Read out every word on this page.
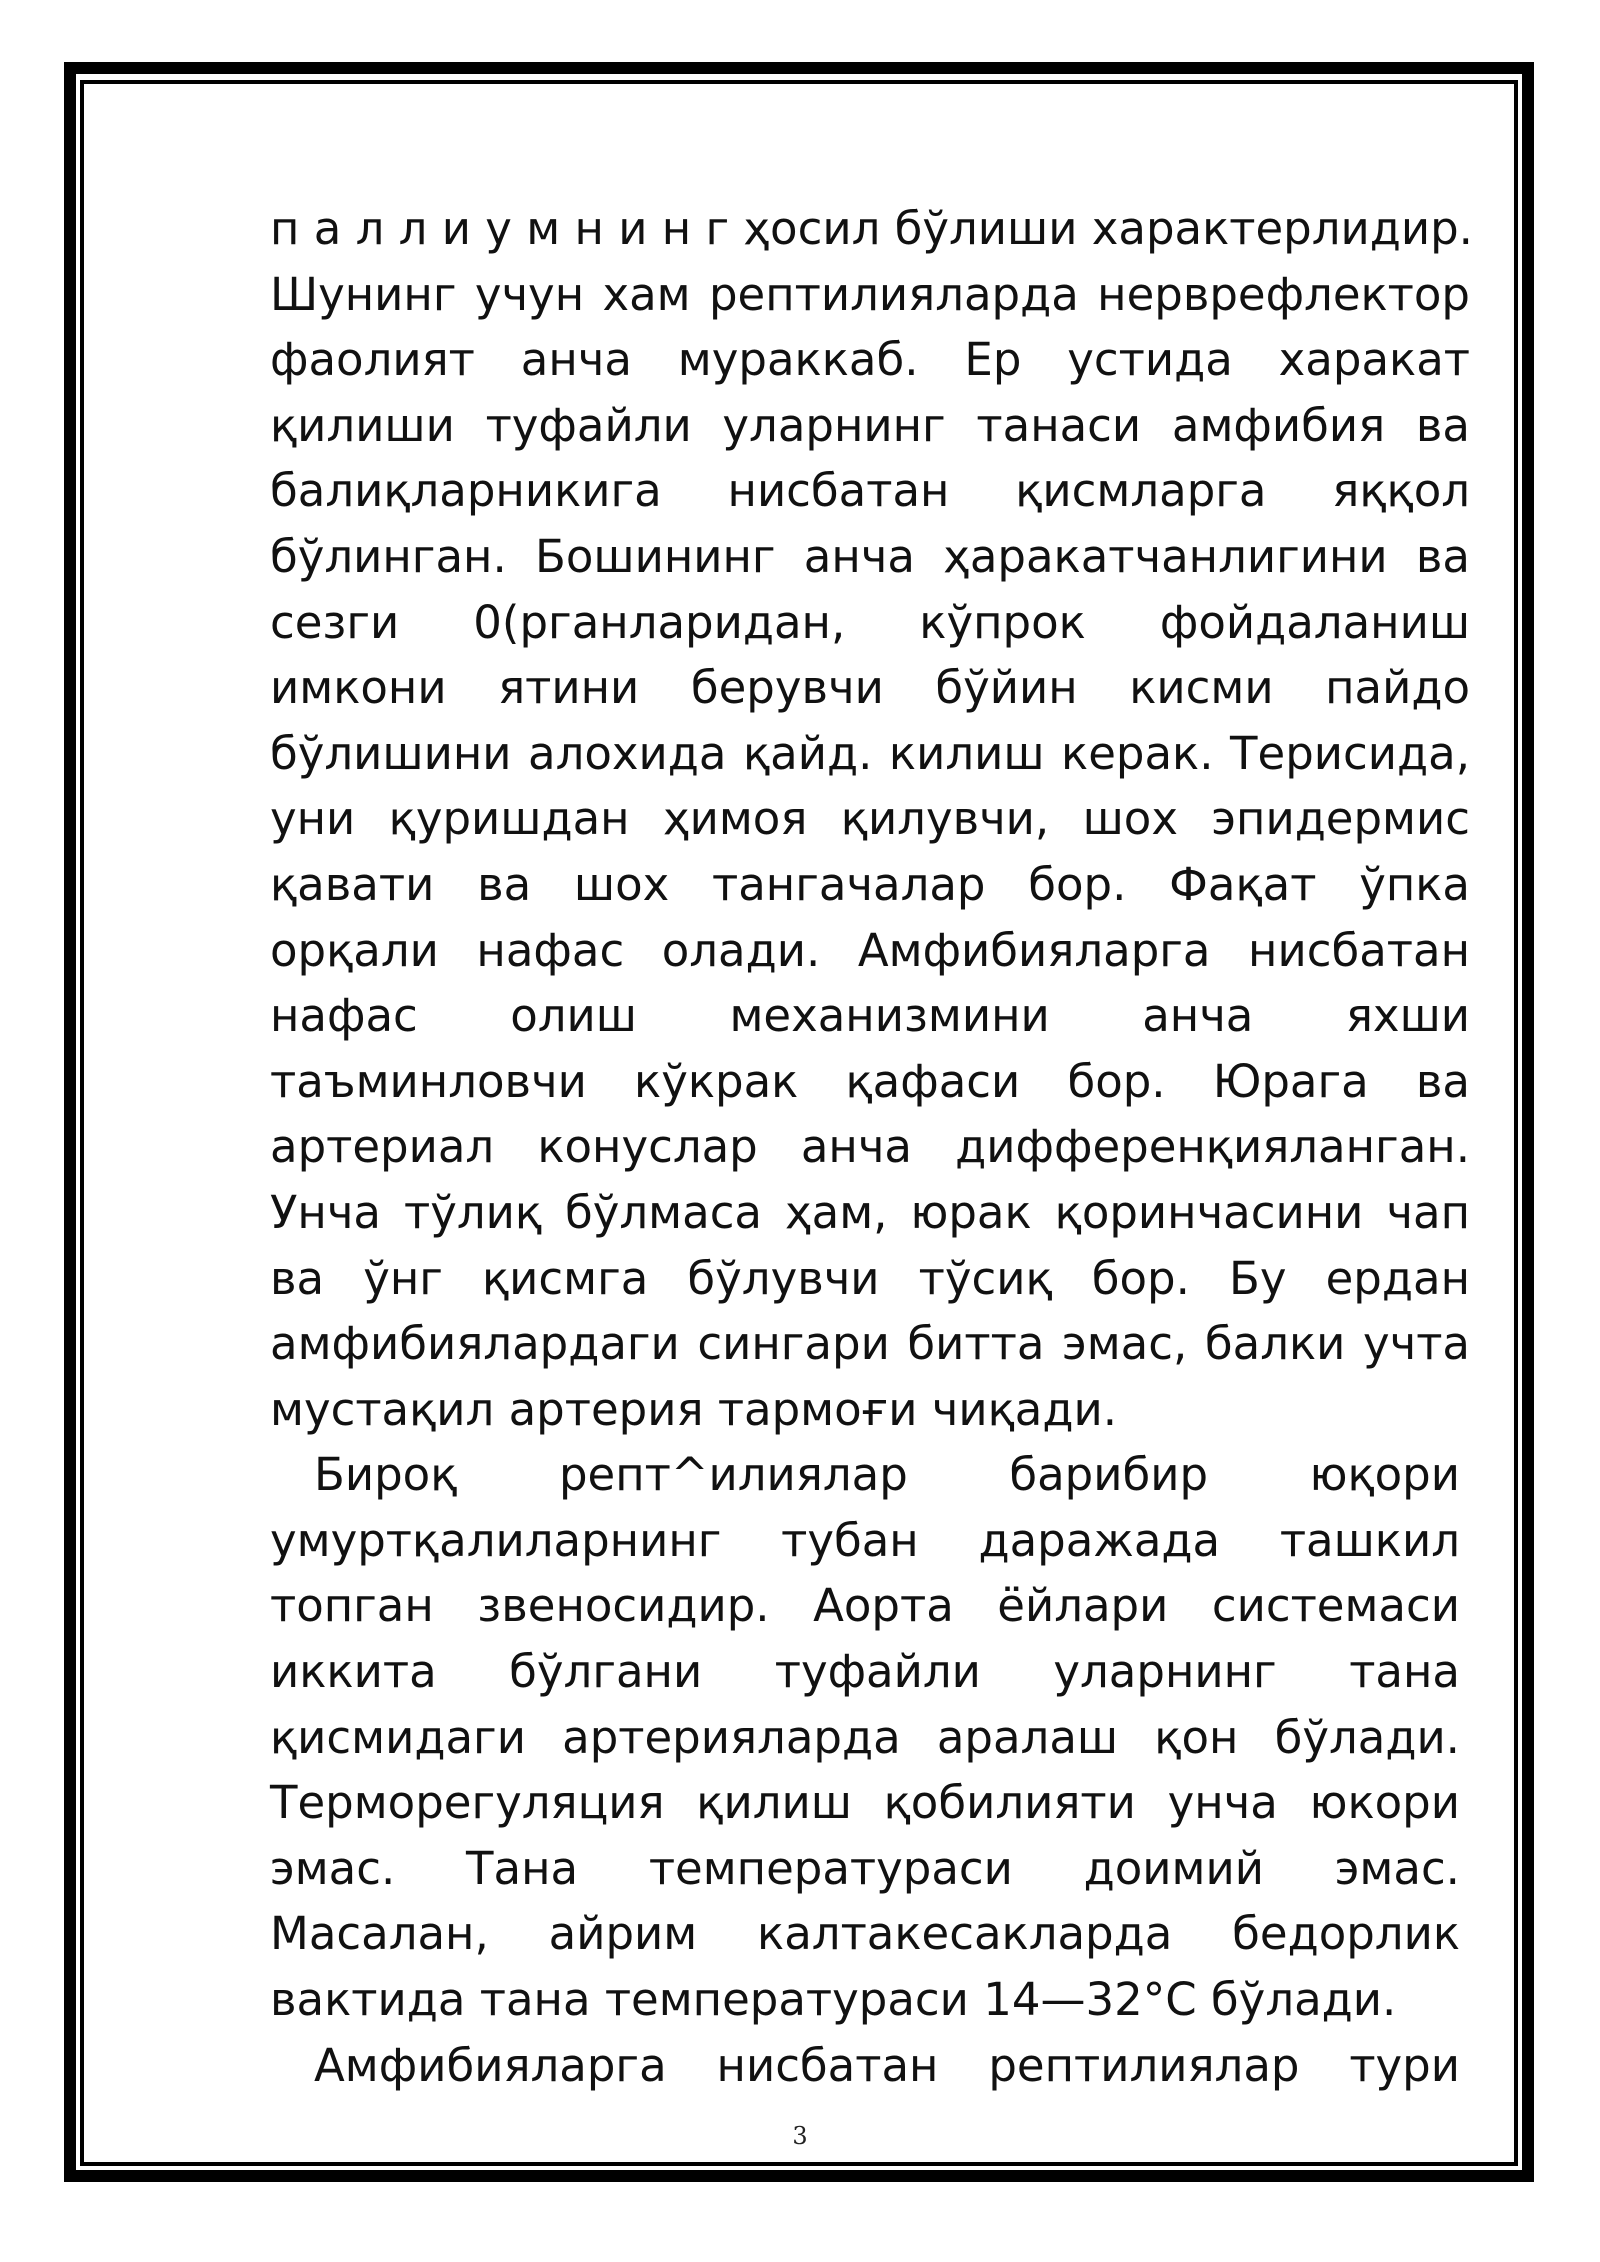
п а л л и у м н и н г ҳосил бўлиши характерлидир.
Шунинг учун хам рептилияларда нерврефлектор
фаолият анча мураккаб. Ер устида харакат
қилиши туфайли уларнинг танаси амфибия ва
балиқларникига нисбатан қисмларга яққол
бўлинган. Бошининг анча ҳаракатчанлигини ва
сезги 0(рганларидан, кўпрок фойдаланиш
имкони ятини берувчи бўйин кисми пайдо
бўлишини алохида қайд. килиш керак. Терисида,
уни қуришдан ҳимоя қилувчи, шох эпидермис
қавати ва шох тангачалар бор. Фақат ўпка
орқали нафас олади. Амфибияларга нисбатан
нафас олиш механизмини анча яхши
таъминловчи кўкрак қафаси бор. Юрага ва
артериал конуслар анча дифференқияланган.
Унча тўлиқ бўлмаса ҳам, юрак қоринчасини чап
ва ўнг қисмга бўлувчи тўсиқ бор. Бу ердан
амфибиялардаги сингари битта эмас, балки учта
мустақил артерия тармоғи чиқади.
Бироқ репт^илиялар барибир юқори
умуртқалиларнинг тубан даражада ташкил
топган звеносидир. Аорта ёйлари системаси
иккита бўлгани туфайли уларнинг тана
қисмидаги артерияларда аралаш қон бўлади.
Терморегуляция қилиш қобилияти унча юкори
эмас. Тана температураси доимий эмас.
Масалан, айрим калтакесакларда бедорлик
вактида тана температураси 14—32°С бўлади.
Амфибияларга нисбатан рептилиялар тури
3
